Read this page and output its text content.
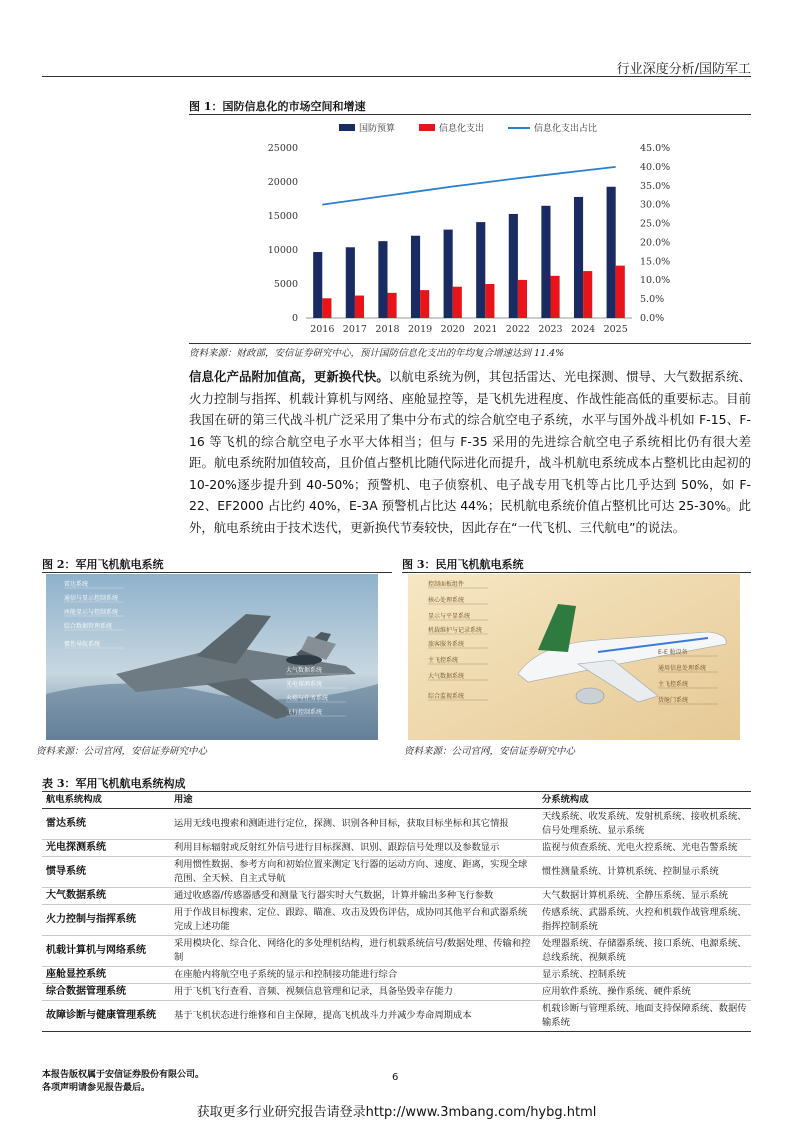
行业深度分析/国防军工
图 1：国防信息化的市场空间和增速
国防预算	信息化支出	信息化支出占比
0
5000
10000
15000
20000
25000
0.0%
5.0%
10.0%
15.0%
20.0%
25.0%
30.0%
35.0%
40.0%
45.0%
2016 2017 2018 2019 2020 2021 2022 2023 2024 2025
资料来源：财政部，安信证券研究中心，预计国防信息化支出的年均复合增速达到 11.4%
信息化产品附加值高，更新换代快。以航电系统为例，其包括雷达、光电探测、惯导、大气数据系统、火力控制与指挥、机载计算机与网络、座舱显控等，是飞机先进程度、作战性能高低的重要标志。目前我国在研的第三代战斗机广泛采用了集中分布式的综合航空电子系统，水平与国外战斗机如 F-15、F-16 等飞机的综合航空电子水平大体相当；但与 F-35 采用的先进综合航空电子系统相比仍有很大差距。航电系统附加值较高，且价值占整机比随代际进化而提升，战斗机航电系统成本占整机比由起初的 10-20%逐步提升到 40-50%；预警机、电子侦察机、电子战专用飞机等占比几乎达到 50%，如 F-22、EF2000 占比约 40%，E-3A 预警机占比达 44%；民机航电系统价值占整机比可达 25-30%。此外，航电系统由于技术迭代，更新换代节奏较快，因此存在“一代飞机、三代航电”的说法。
图 2：军用飞机航电系统
雷达系统
通信与显示控制系统
座舱显示与控制系统
综合数据管理系统
惯性导航系统
大气数据系统
光电探测系统
火控与任务系统
飞行控制系统
资料来源：公司官网，安信证券研究中心
图 3：民用飞机航电系统
控制面板组件
核心处理系统
显示与平显系统
机载维护与记录系统
旅客服务系统
主飞控系统
大气数据系统
综合监视系统
E-E 舱设备
通用信息处理系统
主飞控系统
货舱门系统
资料来源：公司官网，安信证券研究中心
表 3：军用飞机航电系统构成
航电系统构成	用途	分系统构成
雷达系统	运用无线电搜索和测距进行定位，探测、识别各种目标，获取目标坐标和其它情报	天线系统、收发系统、发射机系统、接收机系统、信号处理系统、显示系统
光电探测系统	利用目标辐射或反射红外信号进行目标探测、识别、跟踪信号处理以及参数显示	监视与侦查系统、光电火控系统、光电告警系统
惯导系统	利用惯性数据、参考方向和初始位置来测定飞行器的运动方向、速度、距离，实现全球范围、全天候、自主式导航	惯性测量系统、计算机系统、控制显示系统
大气数据系统	通过收感器/传感器感受和测量飞行器实时大气数据，计算并输出多种飞行参数	大气数据计算机系统、全静压系统、显示系统
火力控制与指挥系统	用于作战目标搜索、定位、跟踪、瞄准、攻击及毁伤评估，成协同其他平台和武器系统完成上述功能	传感系统、武器系统、火控和机载作战管理系统、指挥控制系统
机载计算机与网络系统	采用模块化、综合化、网络化的多处理机结构，进行机载系统信号/数据处理、传输和控制	处理器系统、存储器系统、接口系统、电源系统、总线系统、视频系统
座舱显控系统	在座舱内将航空电子系统的显示和控制接功能进行综合	显示系统、控制系统
综合数据管理系统	用于飞机飞行查看、音频、视频信息管理和记录，具备坠毁幸存能力	应用软件系统、操作系统、硬件系统
故障诊断与健康管理系统	基于飞机状态进行维修和自主保障，提高飞机战斗力并减少寿命周期成本	机载诊断与管理系统、地面支持保障系统、数据传输系统
本报告版权属于安信证券股份有限公司。
各项声明请参见报告最后。
6
获取更多行业研究报告请登录http://www.3mbang.com/hybg.html
